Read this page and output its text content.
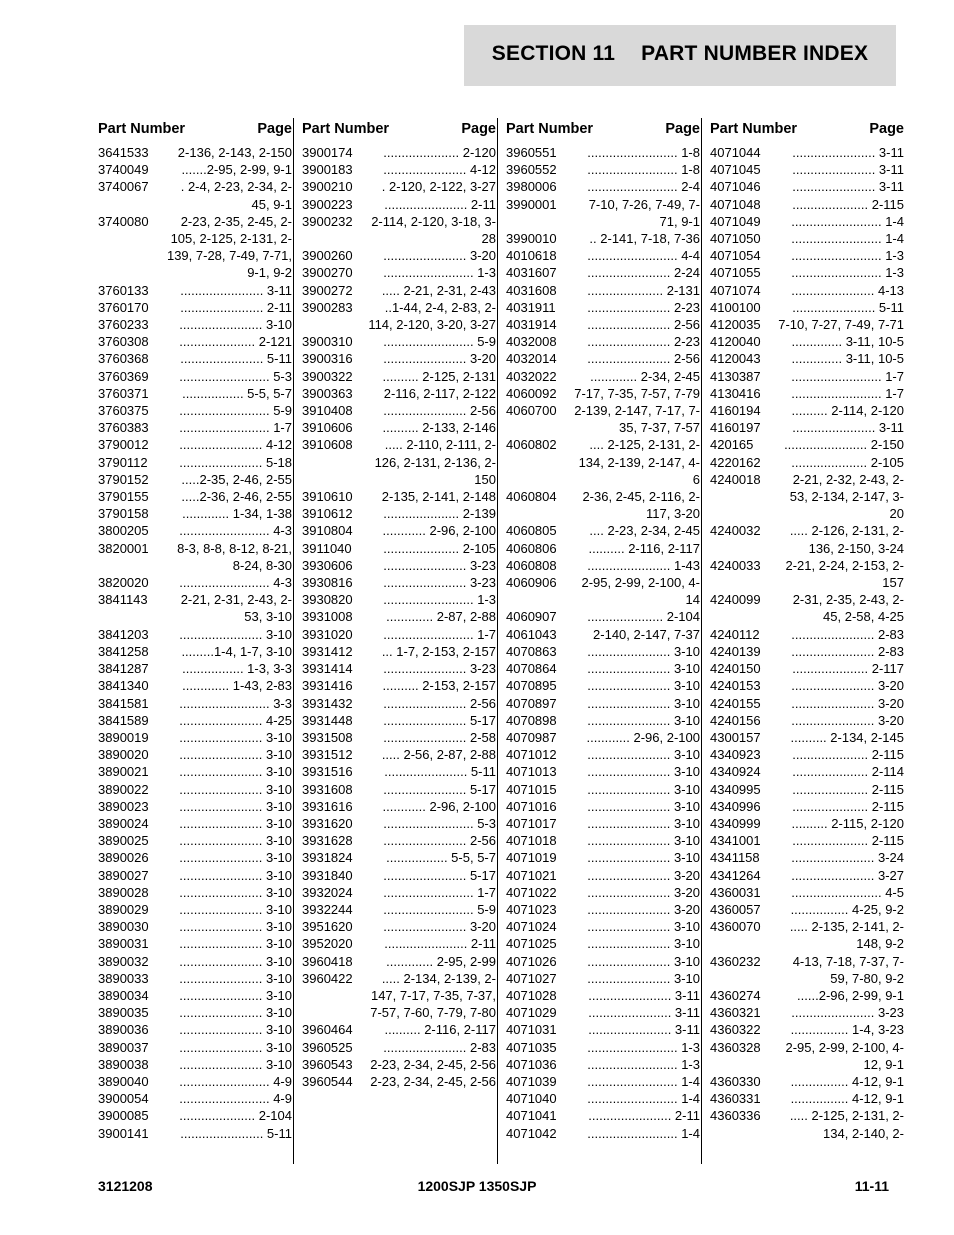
SECTION 11 PART NUMBER INDEX
Part Number	Page
3641533	2-136, 2-143, 2-150
3740049	.......2-95, 2-99, 9-1
3740067	. 2-4, 2-23, 2-34, 2-45, 9-1
3740080	2-23, 2-35, 2-45, 2-105, 2-125, 2-131, 2-139, 7-28, 7-49, 7-71, 9-1, 9-2
3760133	....................... 3-11
3760170	....................... 2-11
3760233	....................... 3-10
3760308	..................... 2-121
3760368	....................... 5-11
3760369	......................... 5-3
3760371	................. 5-5, 5-7
3760375	......................... 5-9
3760383	......................... 1-7
3790012	....................... 4-12
3790112	....................... 5-18
3790152	.....2-35, 2-46, 2-55
3790155	.....2-36, 2-46, 2-55
3790158	............. 1-34, 1-38
3800205	......................... 4-3
3820001	8-3, 8-8, 8-12, 8-21, 8-24, 8-30
3820020	......................... 4-3
3841143	2-21, 2-31, 2-43, 2-53, 3-10
3841203	....................... 3-10
3841258	.........1-4, 1-7, 3-10
3841287	................. 1-3, 3-3
3841340	............. 1-43, 2-83
3841581	......................... 3-3
3841589	....................... 4-25
3890019	....................... 3-10
3890020	....................... 3-10
3890021	....................... 3-10
3890022	....................... 3-10
3890023	....................... 3-10
3890024	....................... 3-10
3890025	....................... 3-10
3890026	....................... 3-10
3890027	....................... 3-10
3890028	....................... 3-10
3890029	....................... 3-10
3890030	....................... 3-10
3890031	....................... 3-10
3890032	....................... 3-10
3890033	....................... 3-10
3890034	....................... 3-10
3890035	....................... 3-10
3890036	....................... 3-10
3890037	....................... 3-10
3890038	....................... 3-10
3890040	......................... 4-9
3900054	......................... 4-9
3900085	..................... 2-104
3900141	....................... 5-11
Part Number	Page
3900174	..................... 2-120
3900183	....................... 4-12
3900210	. 2-120, 2-122, 3-27
3900223	....................... 2-11
3900232 2-114, 2-120, 3-18, 3-28
3900260	....................... 3-20
3900270	......................... 1-3
3900272	..... 2-21, 2-31, 2-43
3900283	..1-44, 2-4, 2-83, 2-114, 2-120, 3-20, 3-27
3900310	......................... 5-9
3900316	....................... 3-20
3900322	.......... 2-125, 2-131
3900363	2-116, 2-117, 2-122
3910408	....................... 2-56
3910606	.......... 2-133, 2-146
3910608	..... 2-110, 2-111, 2-126, 2-131, 2-136, 2-150
3910610	2-135, 2-141, 2-148
3910612	..................... 2-139
3910804	............ 2-96, 2-100
3911040	..................... 2-105
3930606	....................... 3-23
3930816	....................... 3-23
3930820	......................... 1-3
3931008	............. 2-87, 2-88
3931020	......................... 1-7
3931412	... 1-7, 2-153, 2-157
3931414	....................... 3-23
3931416	.......... 2-153, 2-157
3931432	....................... 2-56
3931448	....................... 5-17
3931508	....................... 2-58
3931512	..... 2-56, 2-87, 2-88
3931516	....................... 5-11
3931608	....................... 5-17
3931616	............ 2-96, 2-100
3931620	......................... 5-3
3931628	....................... 2-56
3931824	................. 5-5, 5-7
3931840	....................... 5-17
3932024	......................... 1-7
3932244	......................... 5-9
3951620	....................... 3-20
3952020	....................... 2-11
3960418	............. 2-95, 2-99
3960422	..... 2-134, 2-139, 2-147, 7-17, 7-35, 7-37, 7-57, 7-60, 7-79, 7-80
3960464	.......... 2-116, 2-117
3960525	....................... 2-83
3960543 2-23, 2-34, 2-45, 2-56
3960544 2-23, 2-34, 2-45, 2-56
Part Number	Page
3960551	......................... 1-8
3960552	......................... 1-8
3980006	......................... 2-4
3990001	7-10, 7-26, 7-49, 7-71, 9-1
3990010	.. 2-141, 7-18, 7-36
4010618	......................... 4-4
4031607	....................... 2-24
4031608	..................... 2-131
4031911	....................... 2-23
4031914	....................... 2-56
4032008	....................... 2-23
4032014	....................... 2-56
4032022	............. 2-34, 2-45
4060092 7-17, 7-35, 7-57, 7-79
4060700 2-139, 2-147, 7-17, 7-35, 7-37, 7-57
4060802	.... 2-125, 2-131, 2-134, 2-139, 2-147, 4-6
4060804	2-36, 2-45, 2-116, 2-117, 3-20
4060805	.... 2-23, 2-34, 2-45
4060806	.......... 2-116, 2-117
4060808	....................... 1-43
4060906	2-95, 2-99, 2-100, 4-14
4060907	..................... 2-104
4061043	2-140, 2-147, 7-37
4070863	....................... 3-10
4070864	....................... 3-10
4070895	....................... 3-10
4070897	....................... 3-10
4070898	....................... 3-10
4070987	............ 2-96, 2-100
4071012	....................... 3-10
4071013	....................... 3-10
4071015	....................... 3-10
4071016	....................... 3-10
4071017	....................... 3-10
4071018	....................... 3-10
4071019	....................... 3-10
4071021	....................... 3-20
4071022	....................... 3-20
4071023	....................... 3-20
4071024	....................... 3-10
4071025	....................... 3-10
4071026	....................... 3-10
4071027	....................... 3-10
4071028	....................... 3-11
4071029	....................... 3-11
4071031	....................... 3-11
4071035	......................... 1-3
4071036	......................... 1-3
4071039	......................... 1-4
4071040	......................... 1-4
4071041	....................... 2-11
4071042	......................... 1-4
Part Number	Page
4071044	....................... 3-11
4071045	....................... 3-11
4071046	....................... 3-11
4071048	..................... 2-115
4071049	......................... 1-4
4071050	......................... 1-4
4071054	......................... 1-3
4071055	......................... 1-3
4071074	....................... 4-13
4100100	....................... 5-11
4120035 7-10, 7-27, 7-49, 7-71
4120040	.............. 3-11, 10-5
4120043	.............. 3-11, 10-5
4130387	......................... 1-7
4130416	......................... 1-7
4160194	.......... 2-114, 2-120
4160197	....................... 3-11
420165	....................... 2-150
4220162	..................... 2-105
4240018	2-21, 2-32, 2-43, 2-53, 2-134, 2-147, 3-20
4240032	..... 2-126, 2-131, 2-136, 2-150, 3-24
4240033	2-21, 2-24, 2-153, 2-157
4240099	2-31, 2-35, 2-43, 2-45, 2-58, 4-25
4240112	....................... 2-83
4240139	....................... 2-83
4240150	..................... 2-117
4240153	....................... 3-20
4240155	....................... 3-20
4240156	....................... 3-20
4300157	.......... 2-134, 2-145
4340923	..................... 2-115
4340924	..................... 2-114
4340995	..................... 2-115
4340996	..................... 2-115
4340999	.......... 2-115, 2-120
4341001	..................... 2-115
4341158	....................... 3-24
4341264	....................... 3-27
4360031	......................... 4-5
4360057	................ 4-25, 9-2
4360070	..... 2-135, 2-141, 2-148, 9-2
4360232	4-13, 7-18, 7-37, 7-59, 7-80, 9-2
4360274	......2-96, 2-99, 9-1
4360321	....................... 3-23
4360322	................ 1-4, 3-23
4360328	2-95, 2-99, 2-100, 4-12, 9-1
4360330	................ 4-12, 9-1
4360331	................ 4-12, 9-1
4360336	..... 2-125, 2-131, 2-134, 2-140, 2-
3121208	1200SJP 1350SJP	11-11
